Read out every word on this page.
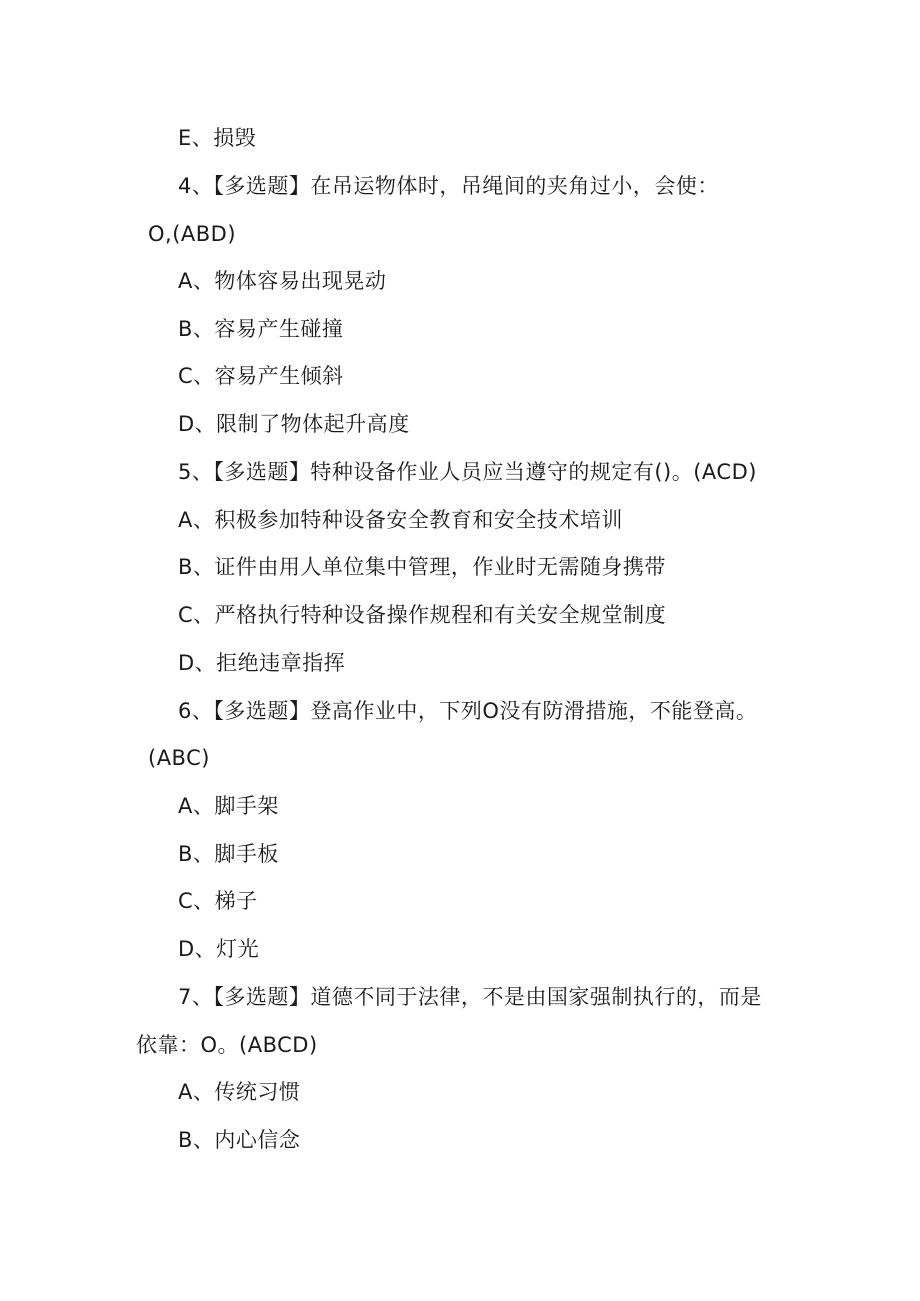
E、损毁
4、【多选题】在吊运物体时，吊绳间的夹角过小，会使：
O,(ABD)
A、物体容易出现晃动
B、容易产生碰撞
C、容易产生倾斜
D、限制了物体起升高度
5、【多选题】特种设备作业人员应当遵守的规定有()。(ACD)
A、积极参加特种设备安全教育和安全技术培训
B、证件由用人单位集中管理，作业时无需随身携带
C、严格执行特种设备操作规程和有关安全规堂制度
D、拒绝违章指挥
6、【多选题】登高作业中，下列O没有防滑措施，不能登高。
(ABC)
A、脚手架
B、脚手板
C、梯子
D、灯光
7、【多选题】道德不同于法律，不是由国家强制执行的，而是
依靠：O。(ABCD)
A、传统习惯
B、内心信念
